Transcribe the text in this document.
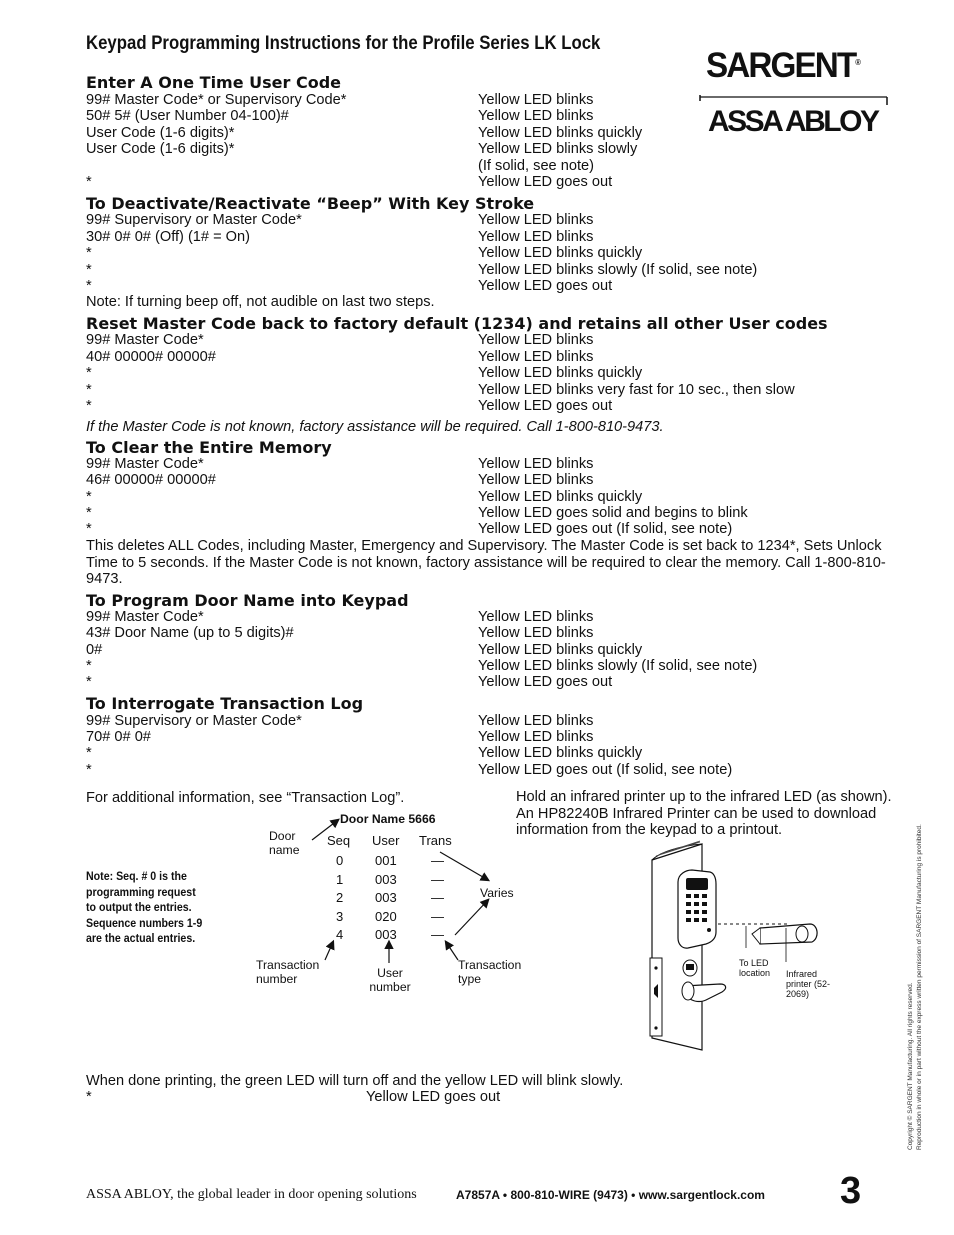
Keypad Programming Instructions for the Profile Series LK Lock
SARGENT®
ASSA ABLOY
Enter A One Time User Code
99# Master Code* or Supervisory Code*	Yellow LED blinks
50# 5# (User Number 04-100)#	Yellow LED blinks
User Code (1-6 digits)*	Yellow LED blinks quickly
User Code (1-6 digits)*	Yellow LED blinks slowly
(If solid, see note)
*	Yellow LED goes out
To Deactivate/Reactivate “Beep” With Key Stroke
99# Supervisory or Master Code*	Yellow LED blinks
30# 0# 0# (Off) (1# = On)	Yellow LED blinks
*	Yellow LED blinks quickly
*	Yellow LED blinks slowly (If solid, see note)
*	Yellow LED goes out
Note: If turning beep off, not audible on last two steps.
Reset Master Code back to factory default (1234) and retains all other User codes
99# Master Code*	Yellow LED blinks
40# 00000# 00000#	Yellow LED blinks
*	Yellow LED blinks quickly
*	Yellow LED blinks very fast for 10 sec., then slow
*	Yellow LED goes out
If the Master Code is not known, factory assistance will be required. Call 1-800-810-9473.
To Clear the Entire Memory
99# Master Code*	Yellow LED blinks
46# 00000# 00000#	Yellow LED blinks
*	Yellow LED blinks quickly
*	Yellow LED goes solid and begins to blink
*	Yellow LED goes out (If solid, see note)
This deletes ALL Codes, including Master, Emergency and Supervisory. The Master Code is set back to 1234*, Sets Unlock Time to 5 seconds. If the Master Code is not known, factory assistance will be required to clear the memory. Call 1-800-810-9473.
To Program Door Name into Keypad
99# Master Code*	Yellow LED blinks
43# Door Name (up to 5 digits)#	Yellow LED blinks
0#	Yellow LED blinks quickly
*	Yellow LED blinks slowly (If solid, see note)
*	Yellow LED goes out
To Interrogate Transaction Log
99# Supervisory or Master Code*	Yellow LED blinks
70# 0# 0#	Yellow LED blinks
*	Yellow LED blinks quickly
*	Yellow LED goes out (If solid, see note)
For additional information, see “Transaction Log”.	Hold an infrared printer up to the infrared LED (as shown). An HP82240B Infrared Printer can be used to download information from the keypad to a printout.
Note: Seq. # 0 is the programming request to output the entries. Sequence numbers 1-9 are the actual entries.
Door Name 5666
Door name
Seq User Trans
0 001	—
1 003	—
2 003	—
3 020	—
4 003	—
Varies
Transaction number	User number
Transaction type
To LED location	Infrared printer (52-2069)
When done printing, the green LED will turn off and the yellow LED will blink slowly.
*	Yellow LED goes out	Copyright © SARGENT Manufacturing. All rights reserved. Reproduction in whole or in part without the express written permission of SARGENT Manufacturing is prohibited.
ASSA ABLOY, the global leader in door opening solutions	A7857A • 800-810-WIRE (9473) • www.sargentlock.com 3
